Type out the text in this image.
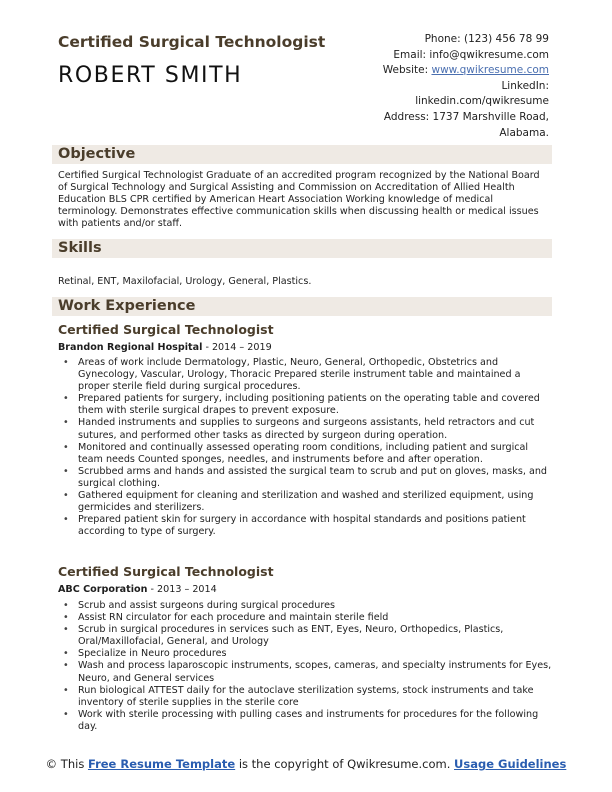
Certified Surgical Technologist
ROBERT SMITH
Phone: (123) 456 78 99
Email: info@qwikresume.com
Website: www.qwikresume.com
LinkedIn:
linkedin.com/qwikresume
Address: 1737 Marshville Road,
Alabama.
Objective
Certified Surgical Technologist Graduate of an accredited program recognized by the National Board of Surgical Technology and Surgical Assisting and Commission on Accreditation of Allied Health Education BLS CPR certified by American Heart Association Working knowledge of medical terminology. Demonstrates effective communication skills when discussing health or medical issues with patients and/or staff.
Skills
Retinal, ENT, Maxilofacial, Urology, General, Plastics.
Work Experience
Certified Surgical Technologist
Brandon Regional Hospital - 2014 – 2019
• Areas of work include Dermatology, Plastic, Neuro, General, Orthopedic, Obstetrics and Gynecology, Vascular, Urology, Thoracic Prepared sterile instrument table and maintained a proper sterile field during surgical procedures.
• Prepared patients for surgery, including positioning patients on the operating table and covered them with sterile surgical drapes to prevent exposure.
• Handed instruments and supplies to surgeons and surgeons assistants, held retractors and cut sutures, and performed other tasks as directed by surgeon during operation.
• Monitored and continually assessed operating room conditions, including patient and surgical team needs Counted sponges, needles, and instruments before and after operation.
• Scrubbed arms and hands and assisted the surgical team to scrub and put on gloves, masks, and surgical clothing.
• Gathered equipment for cleaning and sterilization and washed and sterilized equipment, using germicides and sterilizers.
• Prepared patient skin for surgery in accordance with hospital standards and positions patient according to type of surgery.
Certified Surgical Technologist
ABC Corporation - 2013 – 2014
• Scrub and assist surgeons during surgical procedures
• Assist RN circulator for each procedure and maintain sterile field
• Scrub in surgical procedures in services such as ENT, Eyes, Neuro, Orthopedics, Plastics, Oral/Maxillofacial, General, and Urology
• Specialize in Neuro procedures
• Wash and process laparoscopic instruments, scopes, cameras, and specialty instruments for Eyes, Neuro, and General services
• Run biological ATTEST daily for the autoclave sterilization systems, stock instruments and take inventory of sterile supplies in the sterile core
• Work with sterile processing with pulling cases and instruments for procedures for the following day.
© This Free Resume Template is the copyright of Qwikresume.com. Usage Guidelines
